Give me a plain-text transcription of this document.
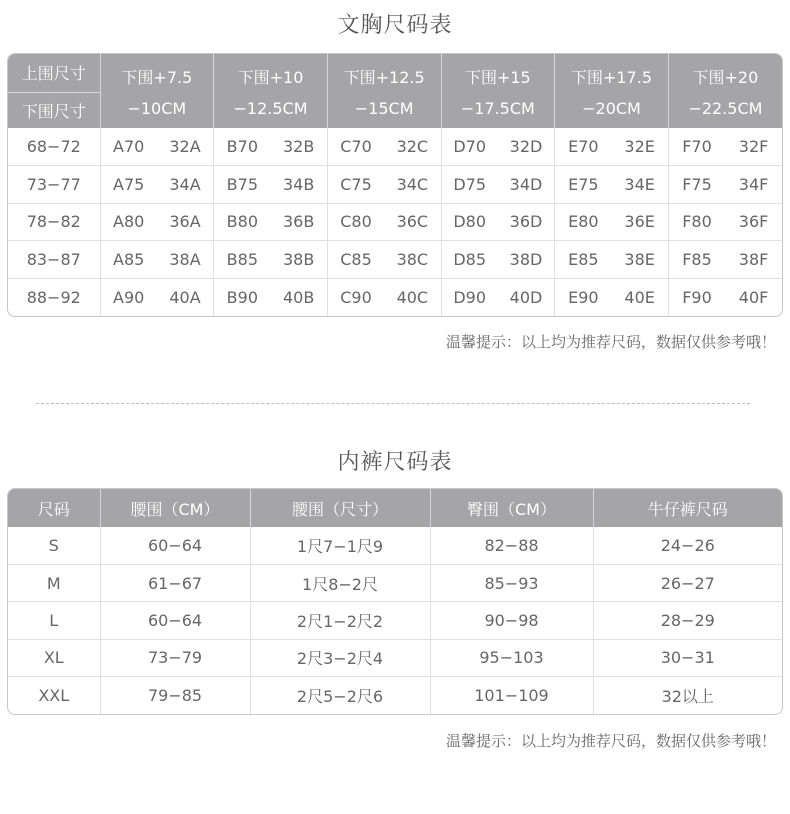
文胸尺码表
上围尺寸	下围+7.5		下围+10		下围+12.5		下围+15		下围+17.5		下围+20	
下围尺寸	−10CM		−12.5CM		−15CM		−17.5CM		−20CM		−22.5CM	
68−72	A70	32A	B70	32B	C70	32C	D70	32D	E70	32E	F70	32F
73−77	A75	34A	B75	34B	C75	34C	D75	34D	E75	34E	F75	34F
78−82	A80	36A	B80	36B	C80	36C	D80	36D	E80	36E	F80	36F
83−87	A85	38A	B85	38B	C85	38C	D85	38D	E85	38E	F85	38F
88−92	A90	40A	B90	40B	C90	40C	D90	40D	E90	40E	F90	40F
温馨提示：以上均为推荐尺码，数据仅供参考哦！
内裤尺码表
尺码	腰围（CM）	腰围（尺寸）	臀围（CM）	牛仔裤尺码
S	60−64	1尺7−1尺9	82−88	24−26
M	61−67	1尺8−2尺	85−93	26−27
L	60−64	2尺1−2尺2	90−98	28−29
XL	73−79	2尺3−2尺4	95−103	30−31
XXL	79−85	2尺5−2尺6	101−109	32以上
温馨提示：以上均为推荐尺码，数据仅供参考哦！
